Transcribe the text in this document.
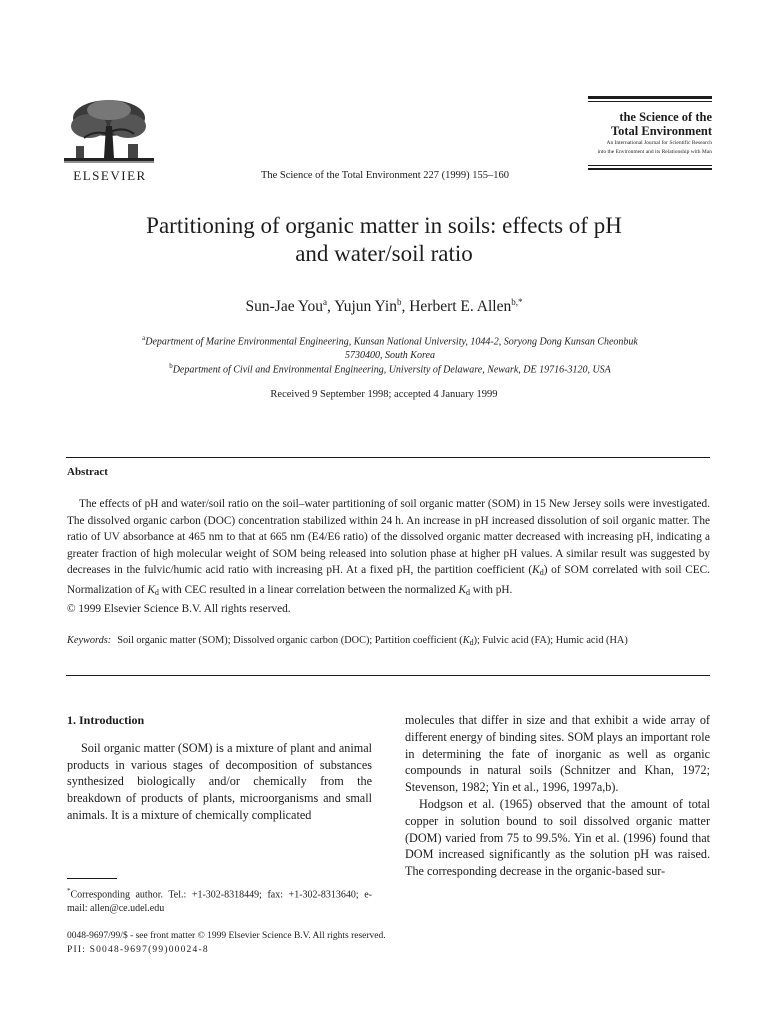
ELSEVIER	The Science of the Total Environment 227 (1999) 155–160
the Science of the
Total Environment
An International Journal for Scientific Research
into the Environment and its Relationship with Man
Partitioning of organic matter in soils: effects of pH
and water/soil ratio
Sun-Jae You$^a$, Yujun Yin$^b$, Herbert E. Allen$^{b,*}$
$^a$Department of Marine Environmental Engineering, Kunsan National University, 1044-2, Soryong Dong Kunsan Cheonbuk
5730400, South Korea
$^b$Department of Civil and Environmental Engineering, University of Delaware, Newark, DE 19716-3120, USA
Received 9 September 1998; accepted 4 January 1999
Abstract

The effects of pH and water/soil ratio on the soil–water partitioning of soil organic matter (SOM) in 15 New Jersey soils were investigated. The dissolved organic carbon (DOC) concentration stabilized within 24 h. An increase in pH increased dissolution of soil organic matter. The ratio of UV absorbance at 465 nm to that at 665 nm (E4/E6 ratio) of the dissolved organic matter decreased with increasing pH, indicating a greater fraction of high molecular weight of SOM being released into solution phase at higher pH values. A similar result was suggested by decreases in the fulvic/humic acid ratio with increasing pH. At a fixed pH, the partition coefficient $(K_d)$ of SOM correlated with soil CEC. Normalization of $K_d$ with CEC resulted in a linear correlation between the normalized $K_d$ with pH.

© 1999 Elsevier Science B.V. All rights reserved.

Keywords: Soil organic matter (SOM); Dissolved organic carbon (DOC); Partition coefficient $(K_d)$; Fulvic acid (FA); Humic acid (HA)
1. Introduction

Soil organic matter (SOM) is a mixture of plant and animal products in various stages of decomposition of substances synthesized biologically and/or chemically from the breakdown of products of plants, microorganisms and small animals. It is a mixture of chemically complicated

molecules that differ in size and that exhibit a wide array of different energy of binding sites. SOM plays an important role in determining the fate of inorganic as well as organic compounds in natural soils (Schnitzer and Khan, 1972; Stevenson, 1982; Yin et al., 1996, 1997a,b).

Hodgson et al. (1965) observed that the amount of total copper in solution bound to soil dissolved organic matter (DOM) varied from 75 to 99.5%. Yin et al. (1996) found that DOM increased significantly as the solution pH was raised. The corresponding decrease in the organic-based sur-

*Corresponding author. Tel.: +1-302-8318449; fax: +1-302-8313640; e-mail: allen@ce.udel.edu
0048-9697/99/$ - see front matter © 1999 Elsevier Science B.V. All rights reserved.
PII: S0048-9697(99)00024-8
